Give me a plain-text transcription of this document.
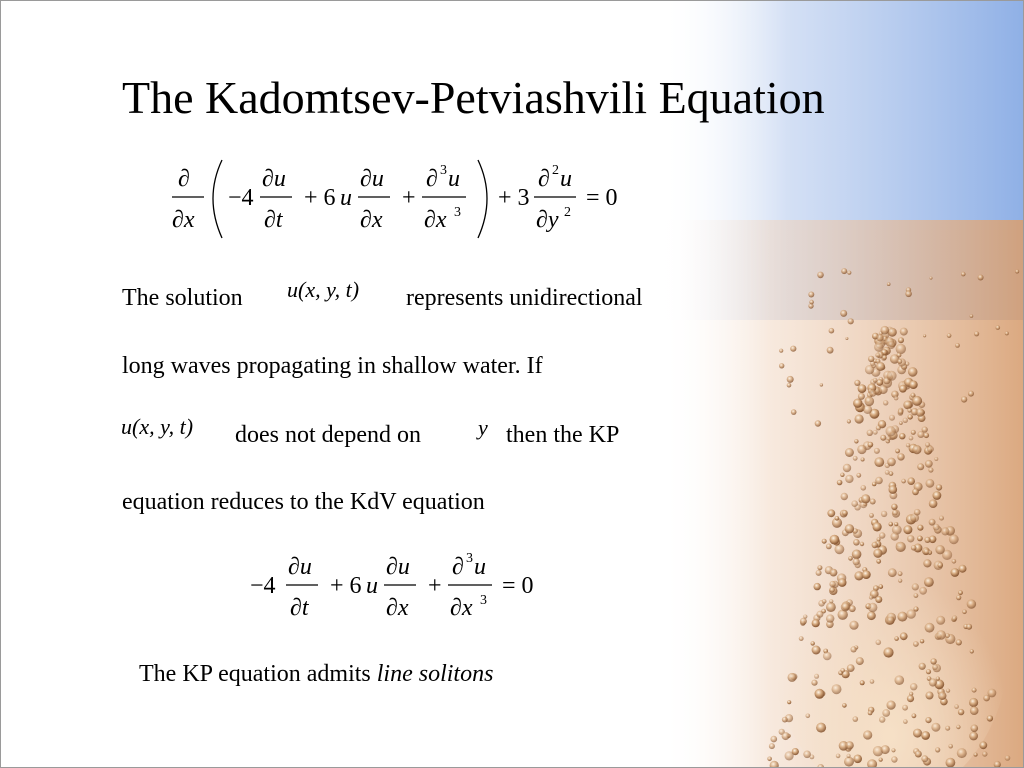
The Kadomtsev-Petviashvili Equation
∂
∂x
−4
∂u
∂t
+ 6 u
∂u
∂x
+
∂ 3 u
∂x 3
+ 3
∂ 2 u
∂y 2
= 0
The solution u(x, y, t) represents unidirectional
long waves propagating in shallow water. If
u(x, y, t) does not depend on	y then the KP
equation reduces to the KdV equation
−4
∂u
∂t
+ 6 u
∂u
∂x
+
∂ 3 u
∂x 3
= 0
The KP equation admits line solitons
